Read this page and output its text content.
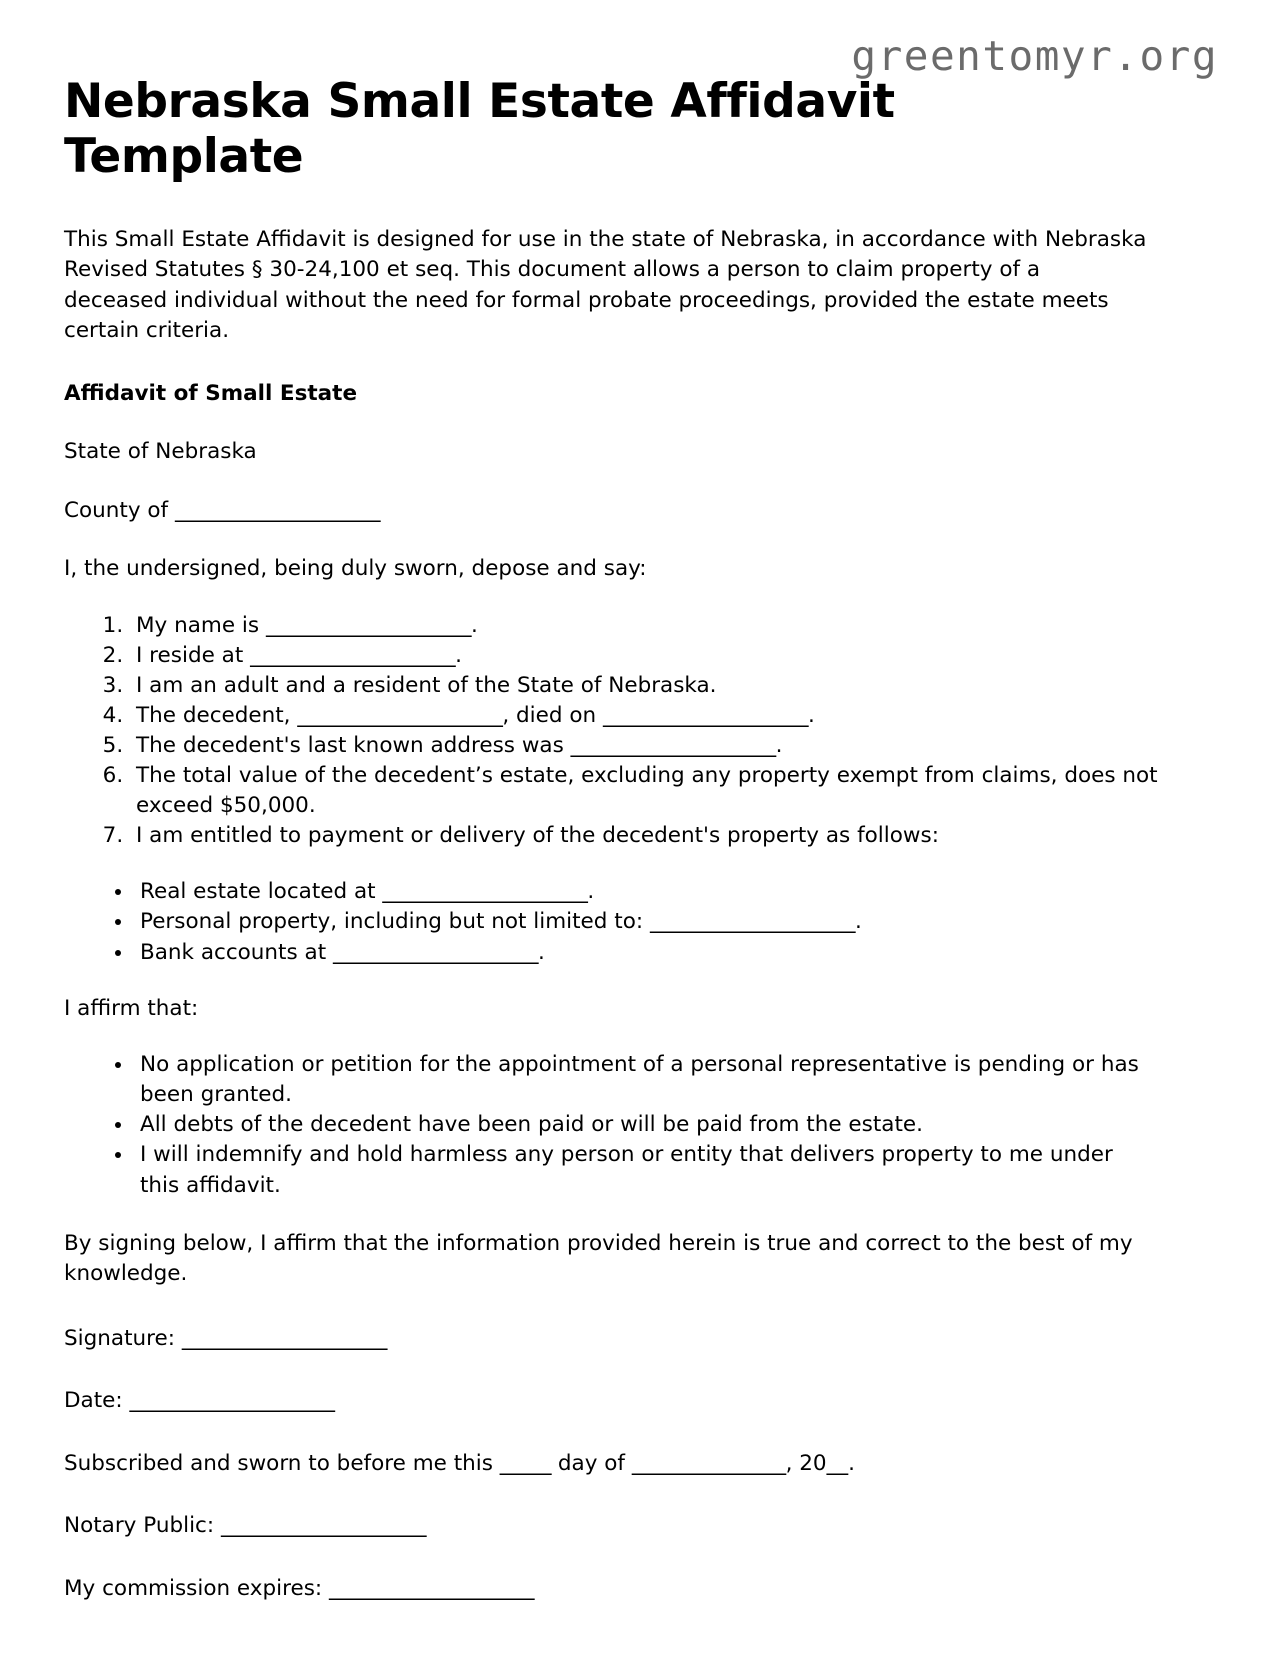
greentomyr.org
Nebraska Small Estate Affidavit Template

This Small Estate Affidavit is designed for use in the state of Nebraska, in accordance with Nebraska Revised Statutes § 30-24,100 et seq. This document allows a person to claim property of a deceased individual without the need for formal probate proceedings, provided the estate meets certain criteria.

Affidavit of Small Estate

State of Nebraska

County of ____________________

I, the undersigned, being duly sworn, depose and say:

1. My name is ____________________.
2. I reside at ____________________.
3. I am an adult and a resident of the State of Nebraska.
4. The decedent, ____________________, died on ____________________.
5. The decedent's last known address was ____________________.
6. The total value of the decedent’s estate, excluding any property exempt from claims, does not exceed $50,000.
7. I am entitled to payment or delivery of the decedent's property as follows:
• Real estate located at ____________________.
• Personal property, including but not limited to: ____________________.
• Bank accounts at ____________________.

I affirm that:

• No application or petition for the appointment of a personal representative is pending or has been granted.
• All debts of the decedent have been paid or will be paid from the estate.
• I will indemnify and hold harmless any person or entity that delivers property to me under this affidavit.

By signing below, I affirm that the information provided herein is true and correct to the best of my knowledge.

Signature: ____________________
Date: ____________________
Subscribed and sworn to before me this _____ day of _______________, 20__.
Notary Public: ____________________
My commission expires: ____________________
